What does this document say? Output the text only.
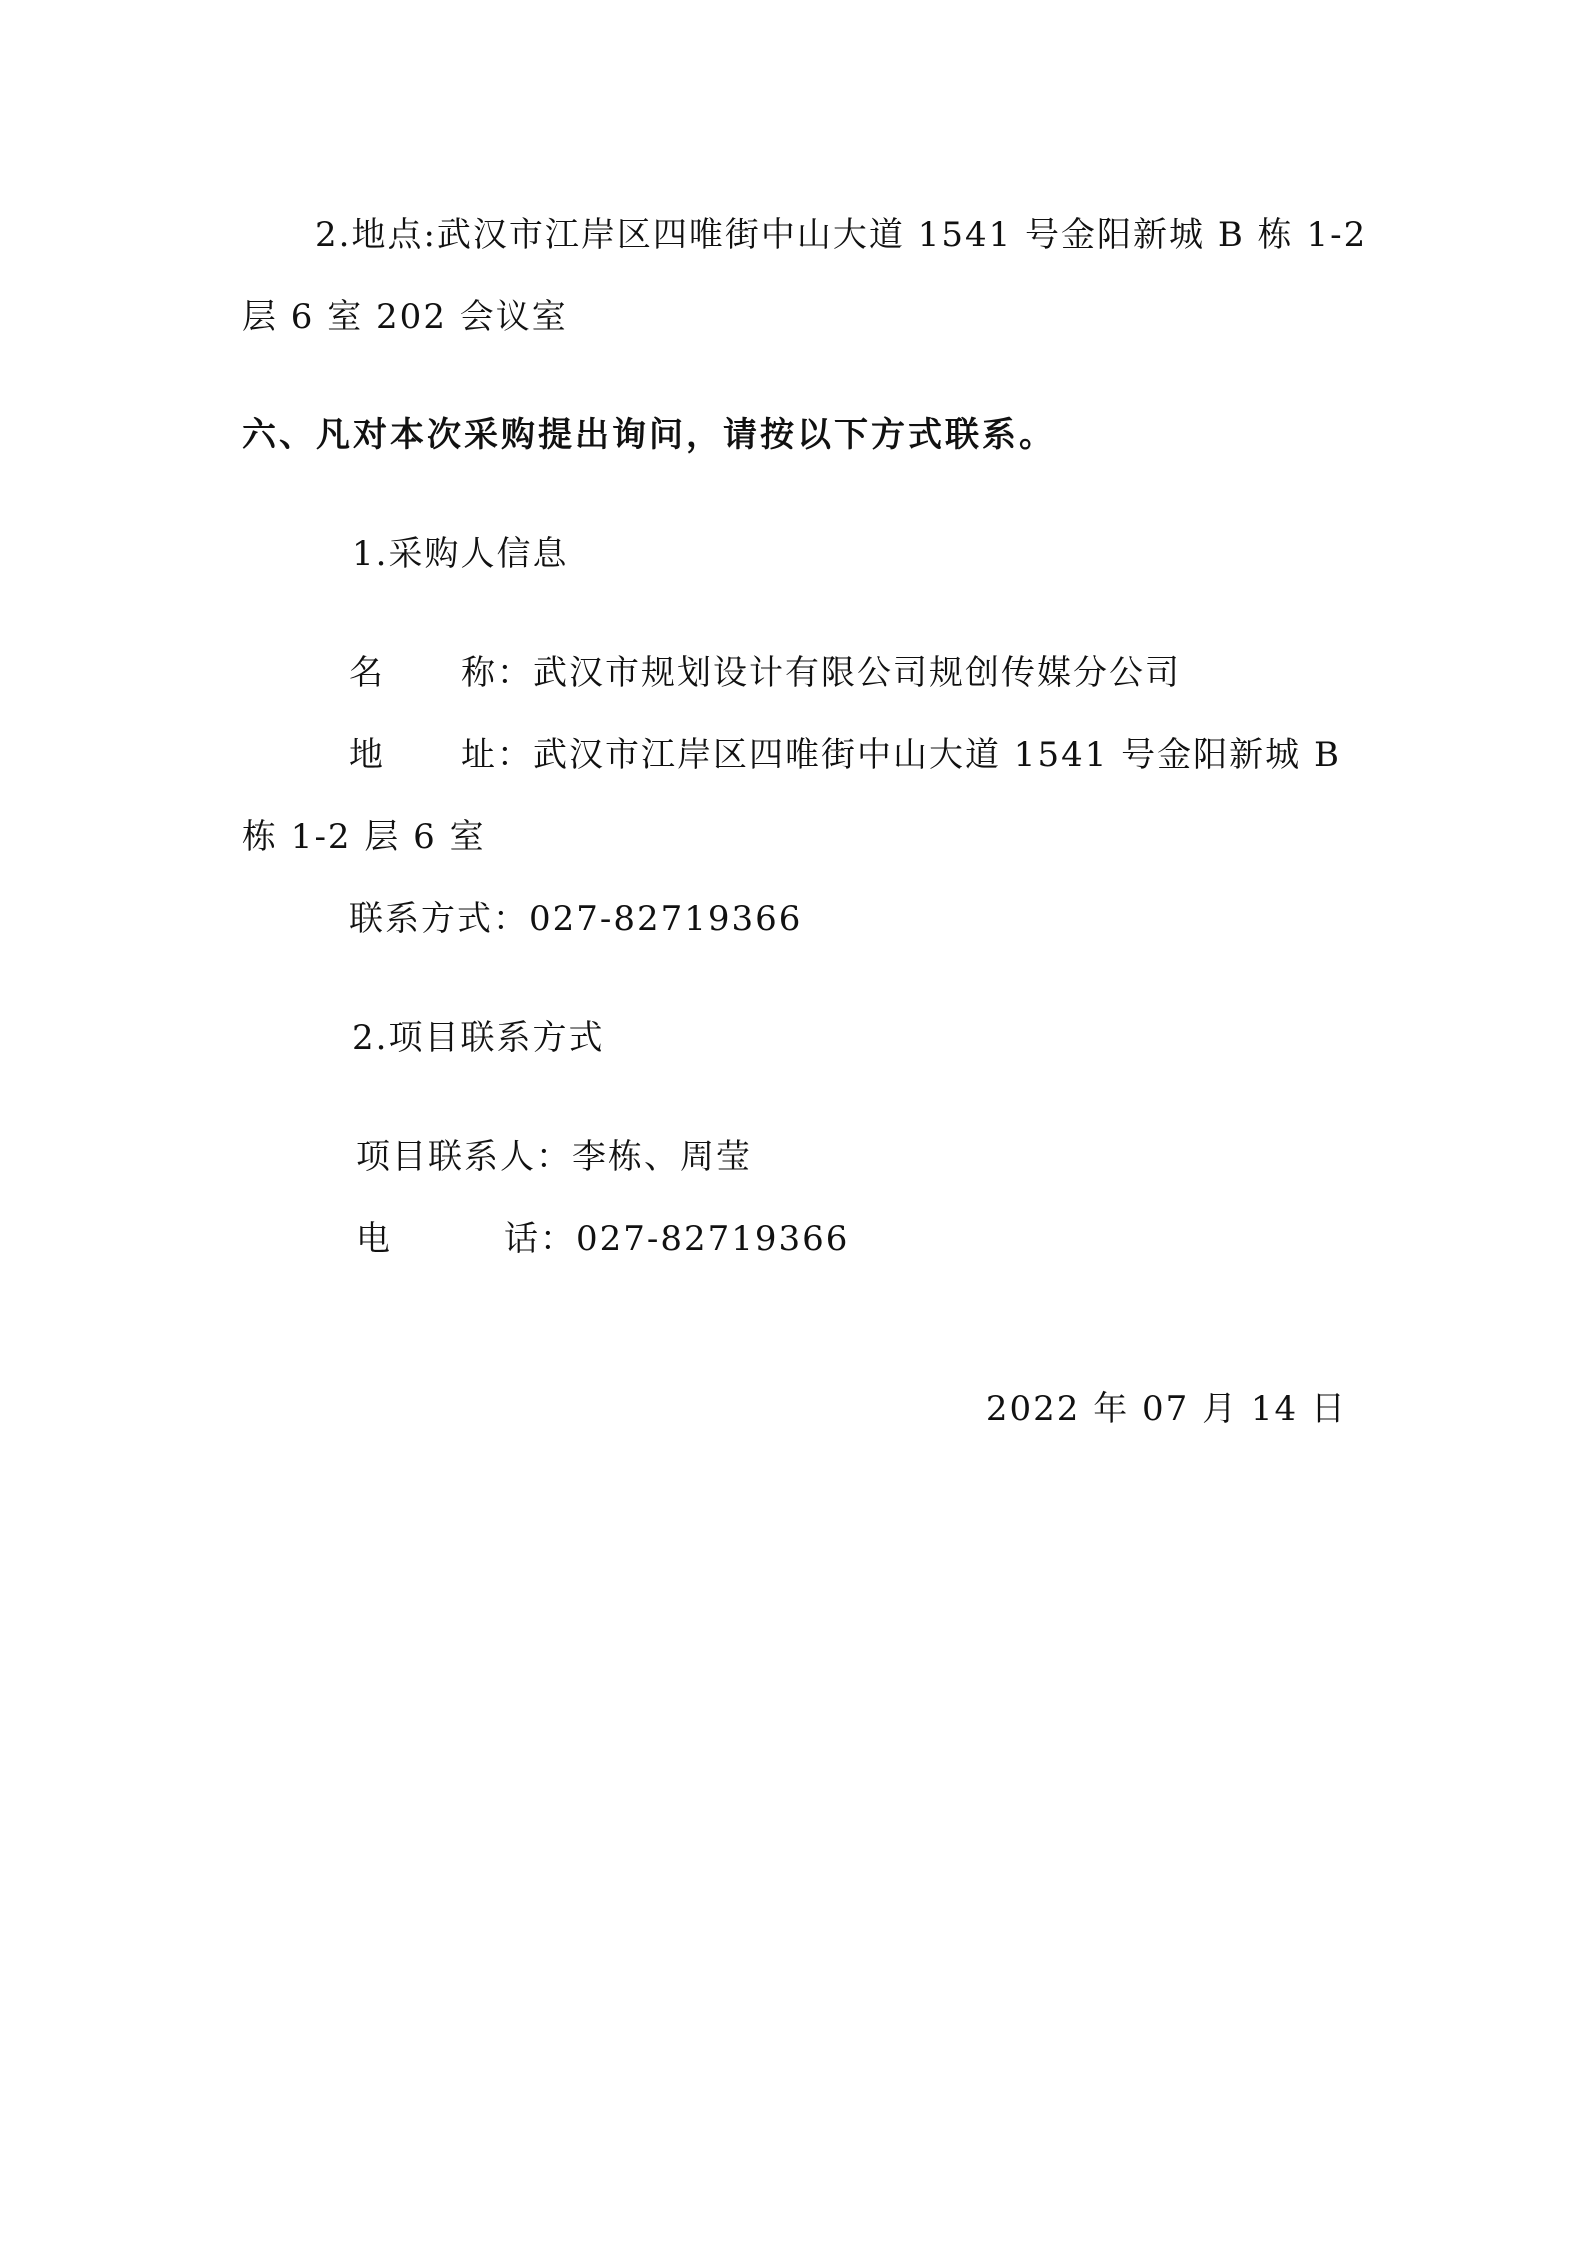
2.地点:武汉市江岸区四唯街中山大道 1541 号金阳新城 B 栋 1-2
层 6 室 202 会议室
六、凡对本次采购提出询问，请按以下方式联系。
1.采购人信息
名 称：武汉市规划设计有限公司规创传媒分公司
地 址：武汉市江岸区四唯街中山大道 1541 号金阳新城 B
栋 1-2 层 6 室
联系方式：027-82719366
2.项目联系方式
项目联系人：李栋、周莹
电	话：027-82719366
2022 年 07 月 14 日
